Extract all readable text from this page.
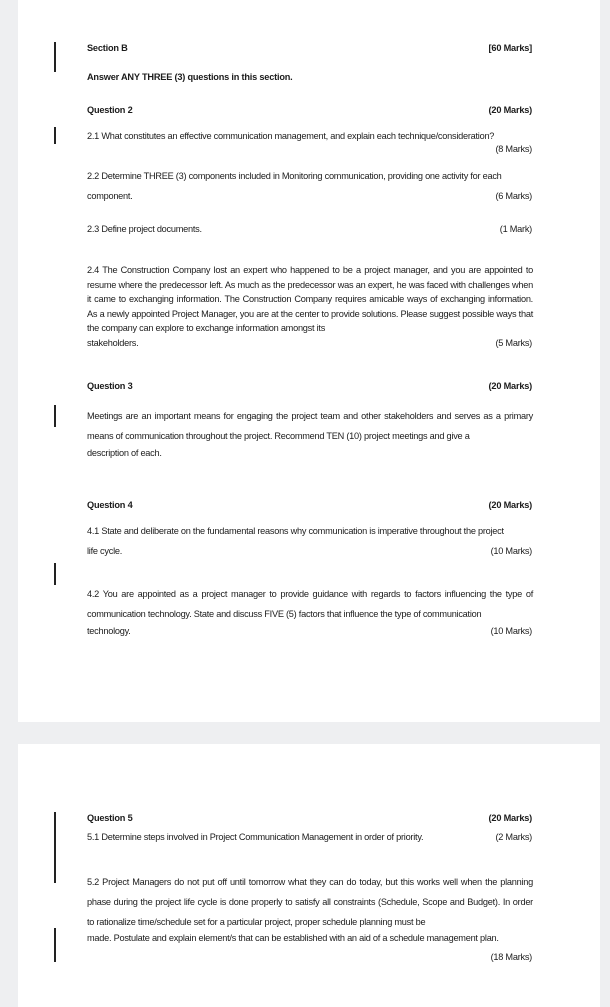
Section B	[60 Marks]

Answer ANY THREE (3) questions in this section.

Question 2	(20 Marks)

2.1 What constitutes an effective communication management, and explain each technique/consideration?

(8 Marks)

2.2 Determine THREE (3) components included in Monitoring communication, providing one activity for each

component.	(6 Marks)

2.3 Define project documents.	(1 Mark)

2.4 The Construction Company lost an expert who happened to be a project manager, and you are appointed to resume where the predecessor left. As much as the predecessor was an expert, he was faced with challenges when it came to exchanging information. The Construction Company requires amicable ways of exchanging information. As a newly appointed Project Manager, you are at the center to provide solutions. Please suggest possible ways that the company can explore to exchange information amongst its

stakeholders.	(5 Marks)

Question 3	(20 Marks)

Meetings are an important means for engaging the project team and other stakeholders and serves as a primary means of communication throughout the project. Recommend TEN (10) project meetings and give a

description of each.

Question 4	(20 Marks)

4.1 State and deliberate on the fundamental reasons why communication is imperative throughout the project

life cycle.	(10 Marks)

4.2 You are appointed as a project manager to provide guidance with regards to factors influencing the type of communication technology. State and discuss FIVE (5) factors that influence the type of communication

technology.	(10 Marks)

Question 5	(20 Marks)

5.1 Determine steps involved in Project Communication Management in order of priority.	(2 Marks)

5.2 Project Managers do not put off until tomorrow what they can do today, but this works well when the planning phase during the project life cycle is done properly to satisfy all constraints (Schedule, Scope and Budget). In order to rationalize time/schedule set for a particular project, proper schedule planning must be

made. Postulate and explain element/s that can be established with an aid of a schedule management plan.

(18 Marks)
